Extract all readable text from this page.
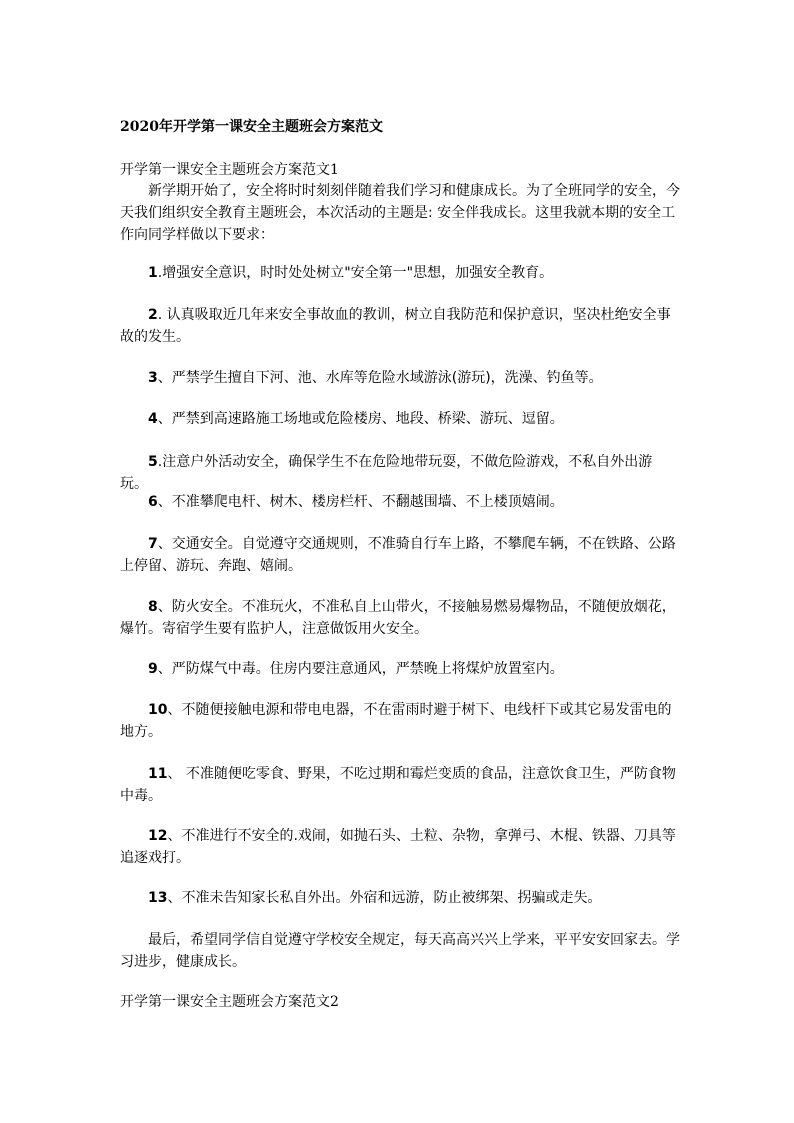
2020年开学第一课安全主题班会方案范文

开学第一课安全主题班会方案范文1

新学期开始了，安全将时时刻刻伴随着我们学习和健康成长。为了全班同学的安全，今天我们组织安全教育主题班会，本次活动的主题是: 安全伴我成长。这里我就本期的安全工作向同学样做以下要求：

1.增强安全意识，时时处处树立"安全第一"思想，加强安全教育。

2. 认真吸取近几年来安全事故血的教训，树立自我防范和保护意识，坚决杜绝安全事故的发生。

3、严禁学生擅自下河、池、水库等危险水域游泳(游玩)，洗澡、钓鱼等。

4、严禁到高速路施工场地或危险楼房、地段、桥梁、游玩、逗留。

5.注意户外活动安全，确保学生不在危险地带玩耍，不做危险游戏，不私自外出游玩。

6、不准攀爬电杆、树木、楼房栏杆、不翻越围墙、不上楼顶嬉闹。

7、交通安全。自觉遵守交通规则，不准骑自行车上路，不攀爬车辆，不在铁路、公路上停留、游玩、奔跑、嬉闹。

8、防火安全。不准玩火，不准私自上山带火，不接触易燃易爆物品，不随便放烟花，爆竹。寄宿学生要有监护人，注意做饭用火安全。

9、严防煤气中毒。住房内要注意通风，严禁晚上将煤炉放置室内。

10、不随便接触电源和带电电器，不在雷雨时避于树下、电线杆下或其它易发雷电的地方。

11、 不准随便吃零食、野果，不吃过期和霉烂变质的食品，注意饮食卫生，严防食物中毒。

12、不准进行不安全的.戏闹，如抛石头、土粒、杂物，拿弹弓、木棍、铁器、刀具等追逐戏打。

13、不准未告知家长私自外出。外宿和远游，防止被绑架、拐骗或走失。

最后，希望同学信自觉遵守学校安全规定，每天高高兴兴上学来，平平安安回家去。学习进步，健康成长。

开学第一课安全主题班会方案范文2
